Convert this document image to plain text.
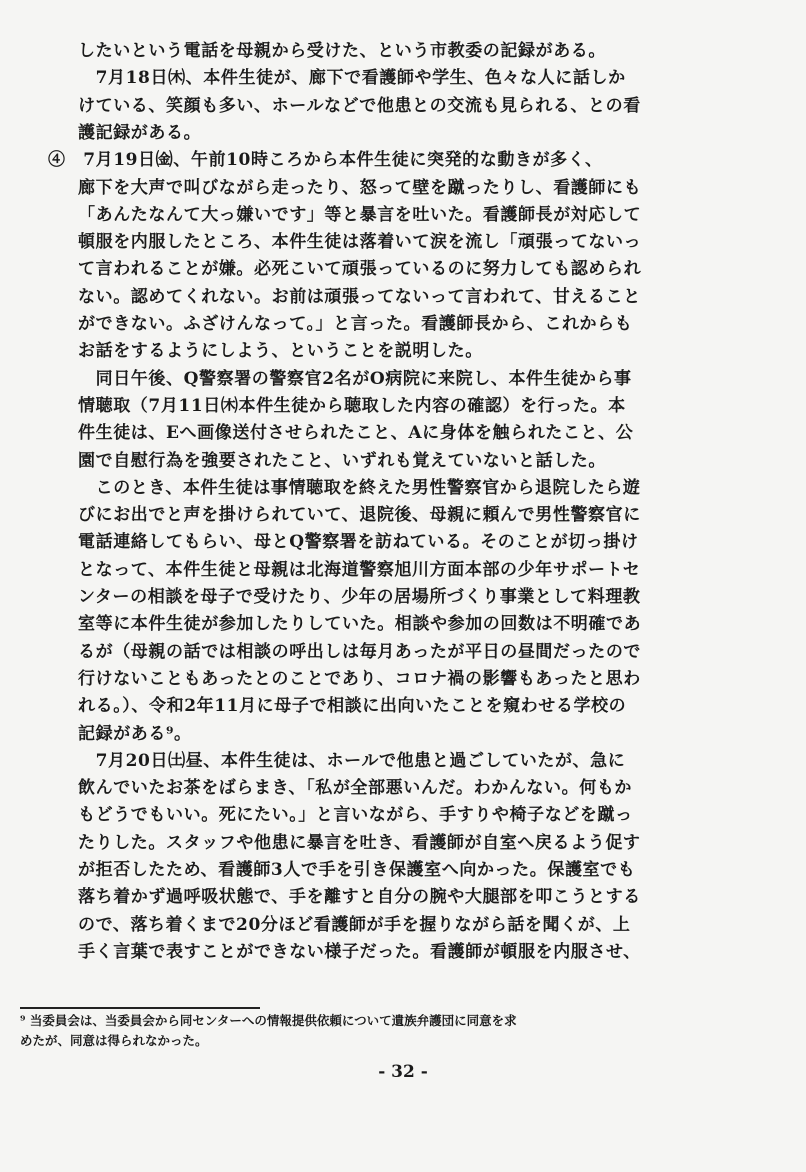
したいという電話を母親から受けた、という市教委の記録がある。
　7月18日㈭、本件生徒が、廊下で看護師や学生、色々な人に話しか
けている、笑顔も多い、ホールなどで他患との交流も見られる、との看
護記録がある。
④　7月19日㈮、午前10時ころから本件生徒に突発的な動きが多く、
廊下を大声で叫びながら走ったり、怒って壁を蹴ったりし、看護師にも
「あんたなんて大っ嫌いです」等と暴言を吐いた。看護師長が対応して
頓服を内服したところ、本件生徒は落着いて涙を流し「頑張ってないっ
て言われることが嫌。必死こいて頑張っているのに努力しても認められ
ない。認めてくれない。お前は頑張ってないって言われて、甘えること
ができない。ふざけんなって。」と言った。看護師長から、これからも
お話をするようにしよう、ということを説明した。
　同日午後、Q警察署の警察官2名がO病院に来院し、本件生徒から事
情聴取（7月11日㈭本件生徒から聴取した内容の確認）を行った。本
件生徒は、Eへ画像送付させられたこと、Aに身体を触られたこと、公
園で自慰行為を強要されたこと、いずれも覚えていないと話した。
　このとき、本件生徒は事情聴取を終えた男性警察官から退院したら遊
びにお出でと声を掛けられていて、退院後、母親に頼んで男性警察官に
電話連絡してもらい、母とQ警察署を訪ねている。そのことが切っ掛け
となって、本件生徒と母親は北海道警察旭川方面本部の少年サポートセ
ンターの相談を母子で受けたり、少年の居場所づくり事業として料理教
室等に本件生徒が参加したりしていた。相談や参加の回数は不明確であ
るが（母親の話では相談の呼出しは毎月あったが平日の昼間だったので
行けないこともあったとのことであり、コロナ禍の影響もあったと思わ
れる。）、令和2年11月に母子で相談に出向いたことを窺わせる学校の
記録がある⁹。
　7月20日㈯昼、本件生徒は、ホールで他患と過ごしていたが、急に
飲んでいたお茶をばらまき、「私が全部悪いんだ。わかんない。何もか
もどうでもいい。死にたい。」と言いながら、手すりや椅子などを蹴っ
たりした。スタッフや他患に暴言を吐き、看護師が自室へ戻るよう促す
が拒否したため、看護師3人で手を引き保護室へ向かった。保護室でも
落ち着かず過呼吸状態で、手を離すと自分の腕や大腿部を叩こうとする
ので、落ち着くまで20分ほど看護師が手を握りながら話を聞くが、上
手く言葉で表すことができない様子だった。看護師が頓服を内服させ、
⁹ 当委員会は、当委員会から同センターへの情報提供依頼について遺族弁護団に同意を求
めたが、同意は得られなかった。
- 32 -
